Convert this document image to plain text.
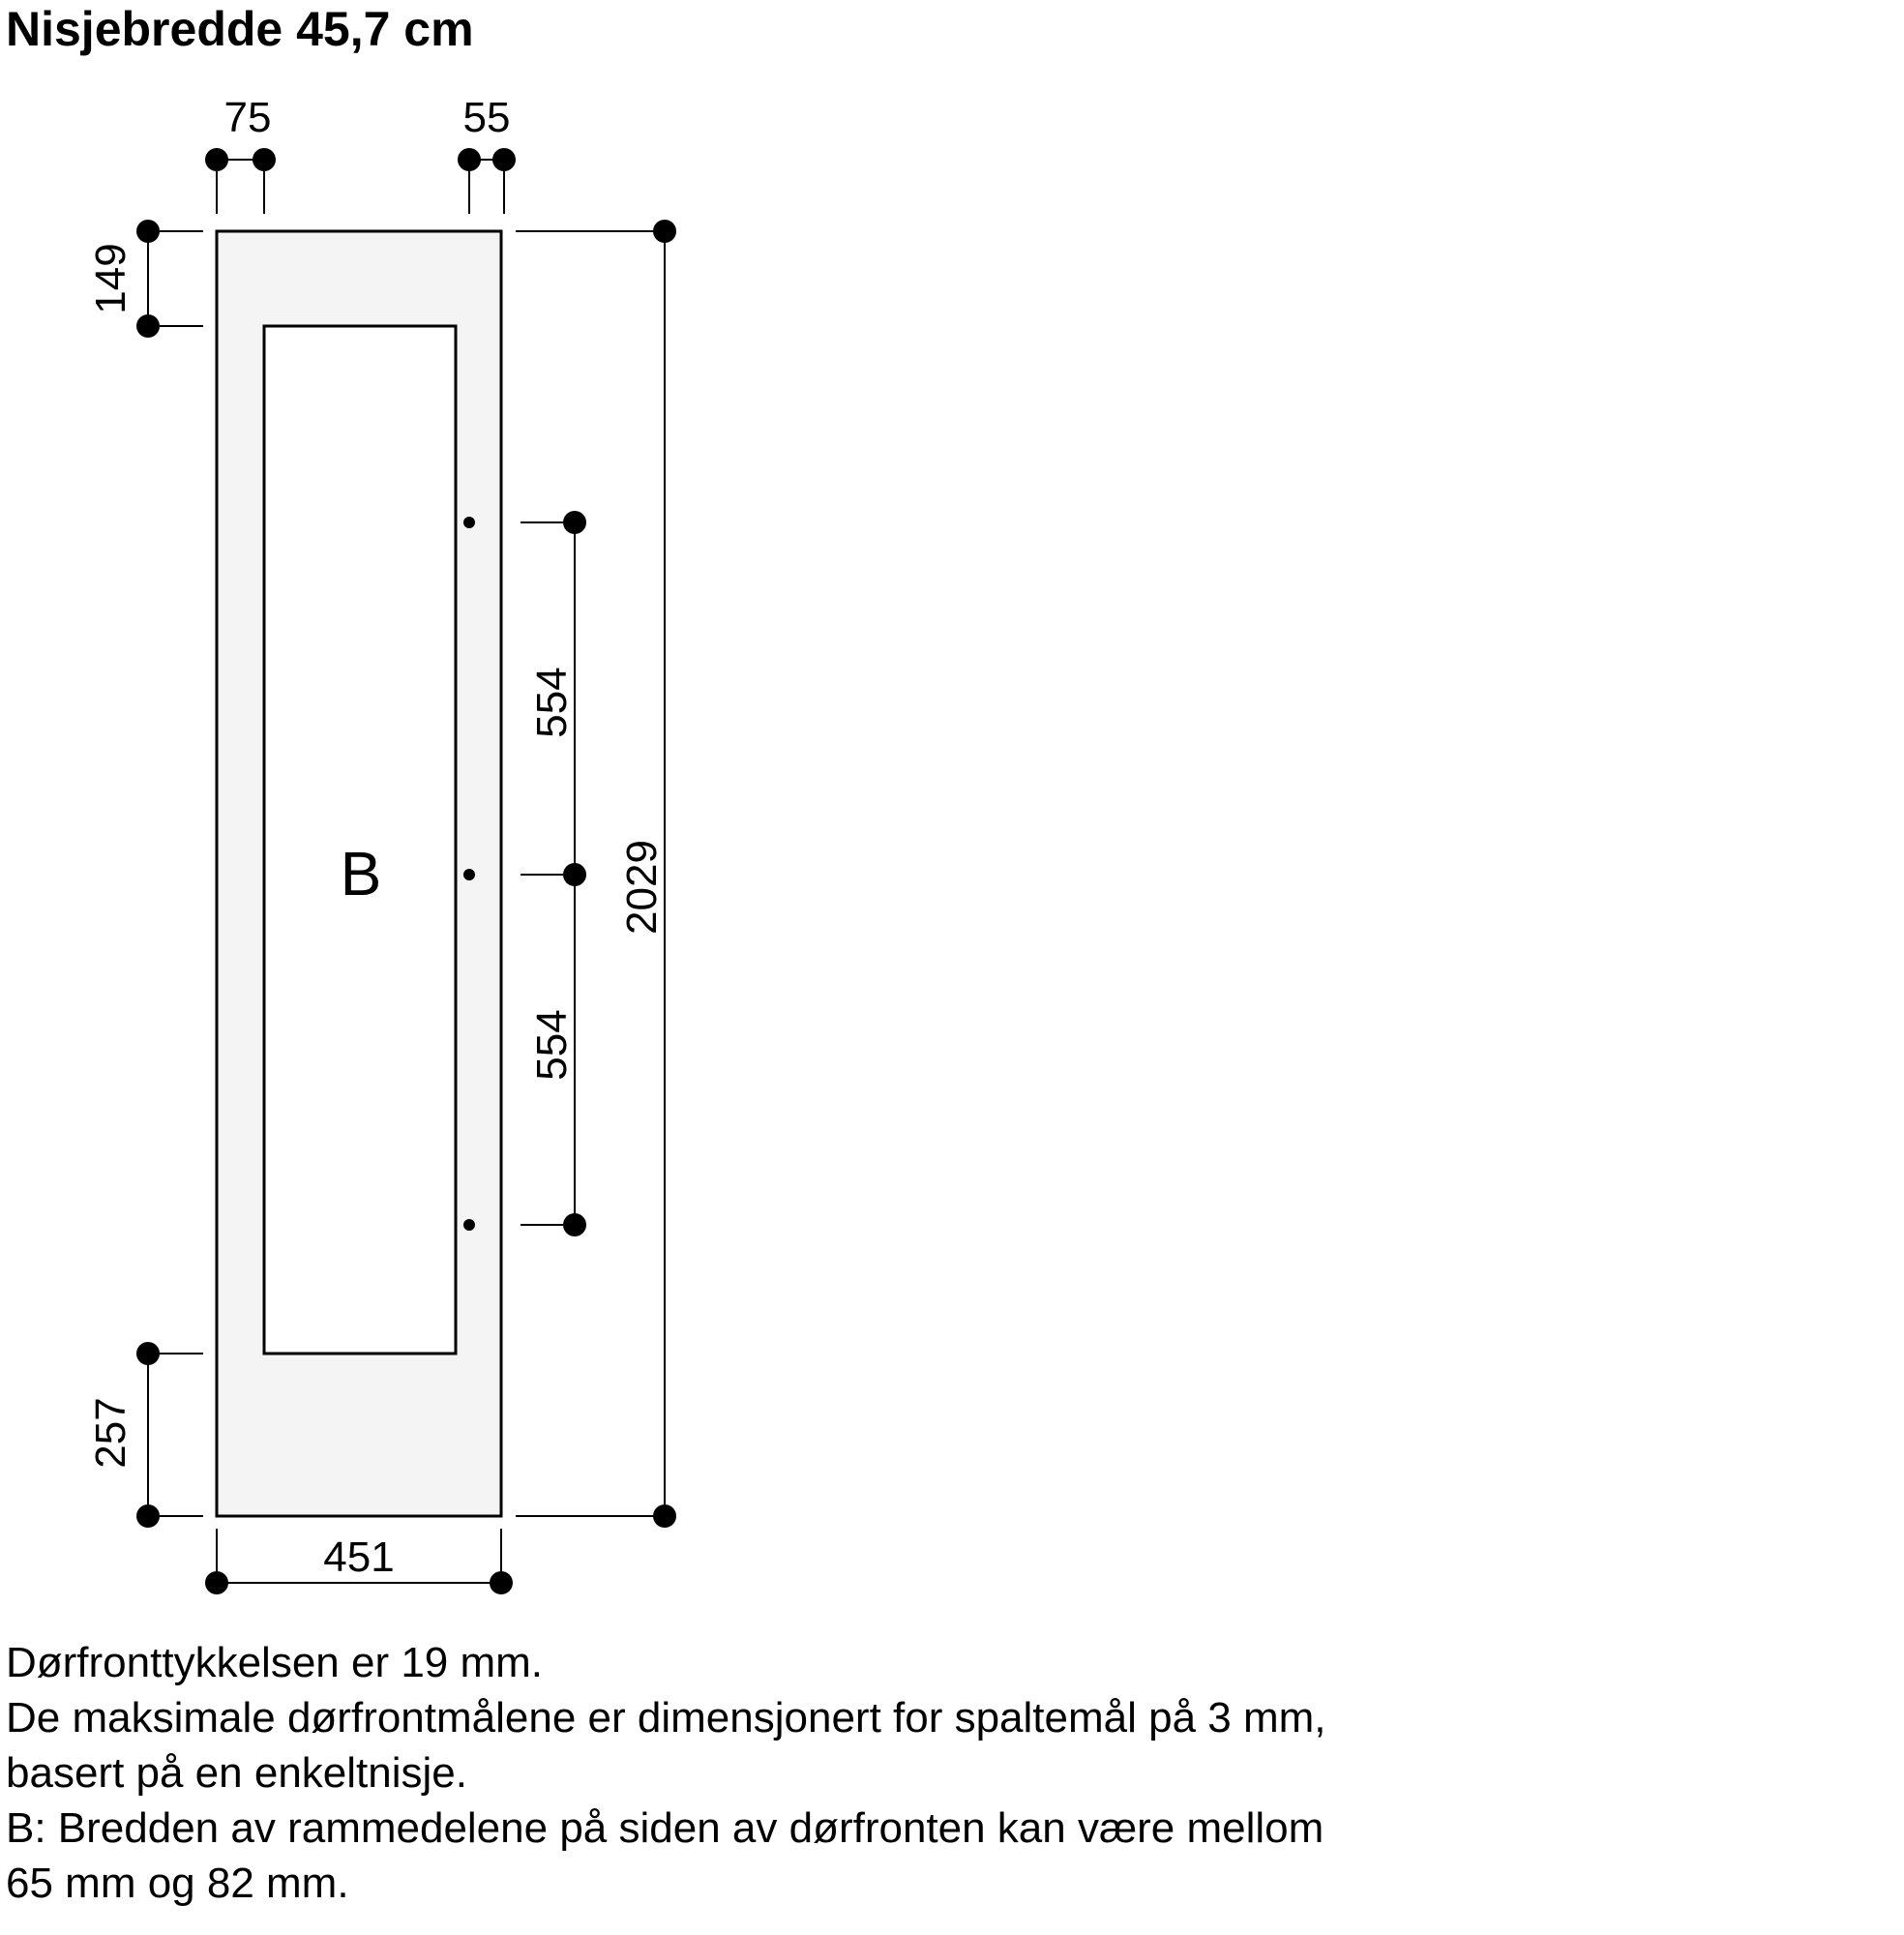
Nisjebredde 45,7 cm
B
75	55
149
257
451
2029
554
554
Dørfronttykkelsen er 19 mm.
De maksimale dørfrontmålene er dimensjonert for spaltemål på 3 mm,
basert på en enkeltnisje.
B: Bredden av rammedelene på siden av dørfronten kan være mellom
65 mm og 82 mm.
